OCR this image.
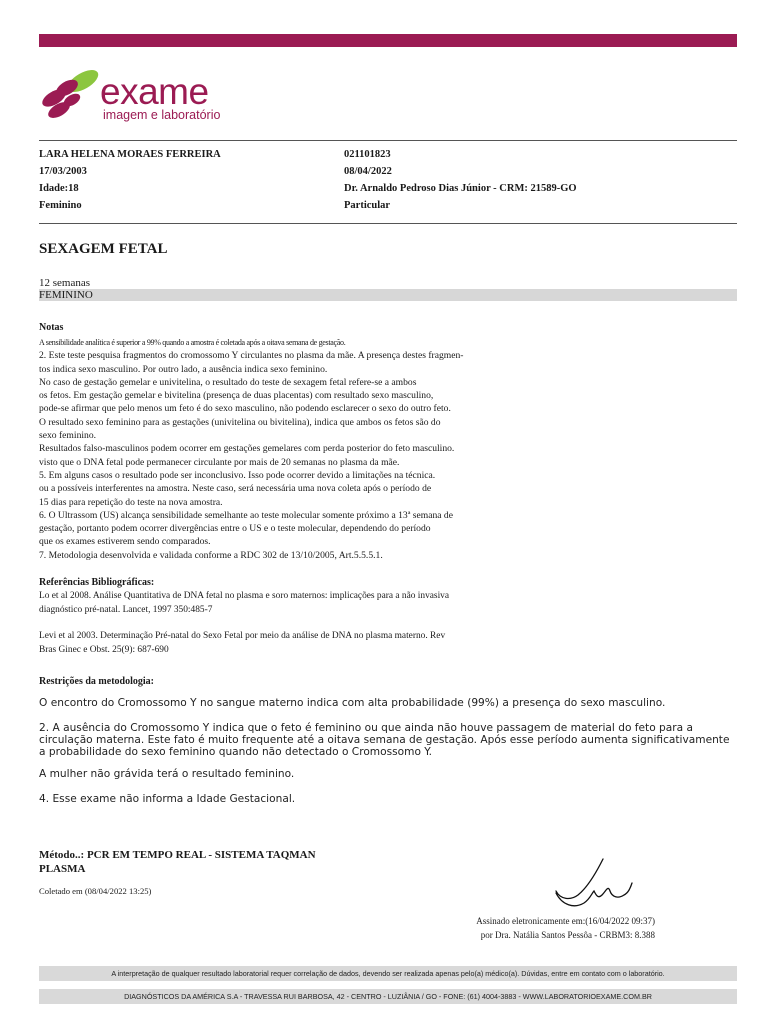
exame
imagem e laboratório
LARA HELENA MORAES FERREIRA
17/03/2003
Idade:18
Feminino
021101823
08/04/2022
Dr. Arnaldo Pedroso Dias Júnior - CRM: 21589-GO
Particular
SEXAGEM FETAL
12 semanas
FEMININO
Notas
A sensibilidade analítica é superior a 99% quando a amostra é coletada após a oitava semana de gestação.
2. Este teste pesquisa fragmentos do cromossomo Y circulantes no plasma da mãe. A presença destes fragmen-
tos indica sexo masculino. Por outro lado, a ausência indica sexo feminino.
No caso de gestação gemelar e univitelina, o resultado do teste de sexagem fetal refere-se a ambos
os fetos. Em gestação gemelar e bivitelina (presença de duas placentas) com resultado sexo masculino,
pode-se afirmar que pelo menos um feto é do sexo masculino, não podendo esclarecer o sexo do outro feto.
O resultado sexo feminino para as gestações (univitelina ou bivitelina), indica que ambos os fetos são do
sexo feminino.
Resultados falso-masculinos podem ocorrer em gestações gemelares com perda posterior do feto masculino.
visto que o DNA fetal pode permanecer circulante por mais de 20 semanas no plasma da mãe.
5. Em alguns casos o resultado pode ser inconclusivo. Isso pode ocorrer devido a limitações na técnica.
ou a possíveis interferentes na amostra. Neste caso, será necessária uma nova coleta após o período de
15 dias para repetição do teste na nova amostra.
6. O Ultrassom (US) alcança sensibilidade semelhante ao teste molecular somente próximo a 13ª semana de
gestação, portanto podem ocorrer divergências entre o US e o teste molecular, dependendo do período
que os exames estiverem sendo comparados.
7. Metodologia desenvolvida e validada conforme a RDC 302 de 13/10/2005, Art.5.5.5.1.
Referências Bibliográficas:
Lo et al 2008. Análise Quantitativa de DNA fetal no plasma e soro maternos: implicações para a não invasiva
diagnóstico pré-natal. Lancet, 1997 350:485-7
Levi et al 2003. Determinação Pré-natal do Sexo Fetal por meio da análise de DNA no plasma materno. Rev
Bras Ginec e Obst. 25(9): 687-690
Restrições da metodologia:
O encontro do Cromossomo Y no sangue materno indica com alta probabilidade (99%) a presença do sexo masculino.
2. A ausência do Cromossomo Y indica que o feto é feminino ou que ainda não houve passagem de material do feto para a circulação materna. Este fato é muito frequente até a oitava semana de gestação. Após esse período aumenta significativamente a probabilidade do sexo feminino quando não detectado o Cromossomo Y.
A mulher não grávida terá o resultado feminino.
4. Esse exame não informa a Idade Gestacional.
Método..: PCR EM TEMPO REAL - SISTEMA TAQMAN
PLASMA
Coletado em (08/04/2022 13:25)
Assinado eletronicamente em:(16/04/2022 09:37)
por Dra. Natália Santos Pessôa - CRBM3: 8.388
A interpretação de qualquer resultado laboratorial requer correlação de dados, devendo ser realizada apenas pelo(a) médico(a). Dúvidas, entre em contato com o laboratório.
DIAGNÓSTICOS DA AMÉRICA S.A - TRAVESSA RUI BARBOSA, 42 - CENTRO - LUZIÂNIA / GO - FONE: (61) 4004-3883 - WWW.LABORATORIOEXAME.COM.BR
